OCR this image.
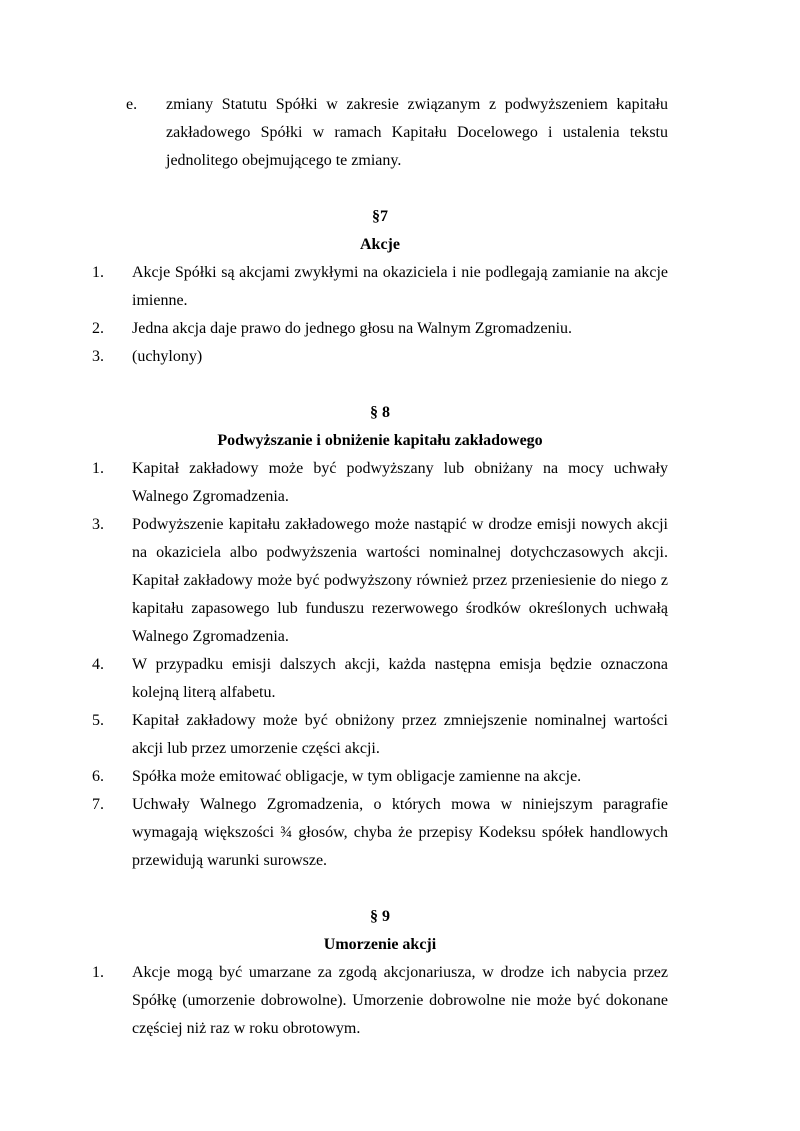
e.	zmiany Statutu Spółki w zakresie związanym z podwyższeniem kapitału zakładowego Spółki w ramach Kapitału Docelowego i ustalenia tekstu jednolitego obejmującego te zmiany.
§7
Akcje
1.	Akcje Spółki są akcjami zwykłymi na okaziciela i nie podlegają zamianie na akcje imienne.
2.	Jedna akcja daje prawo do jednego głosu na Walnym Zgromadzeniu.
3.	(uchylony)
§ 8
Podwyższanie i obniżenie kapitału zakładowego
1.	Kapitał zakładowy może być podwyższany lub obniżany na mocy uchwały Walnego Zgromadzenia.
3.	Podwyższenie kapitału zakładowego może nastąpić w drodze emisji nowych akcji na okaziciela albo podwyższenia wartości nominalnej dotychczasowych akcji. Kapitał zakładowy może być podwyższony również przez przeniesienie do niego z kapitału zapasowego lub funduszu rezerwowego środków określonych uchwałą Walnego Zgromadzenia.
4.	W przypadku emisji dalszych akcji, każda następna emisja będzie oznaczona kolejną literą alfabetu.
5.	Kapitał zakładowy może być obniżony przez zmniejszenie nominalnej wartości akcji lub przez umorzenie części akcji.
6.	Spółka może emitować obligacje, w tym obligacje zamienne na akcje.
7.	Uchwały Walnego Zgromadzenia, o których mowa w niniejszym paragrafie wymagają większości ¾ głosów, chyba że przepisy Kodeksu spółek handlowych przewidują warunki surowsze.
§ 9
Umorzenie akcji
1.	Akcje mogą być umarzane za zgodą akcjonariusza, w drodze ich nabycia przez Spółkę (umorzenie dobrowolne). Umorzenie dobrowolne nie może być dokonane częściej niż raz w roku obrotowym.
